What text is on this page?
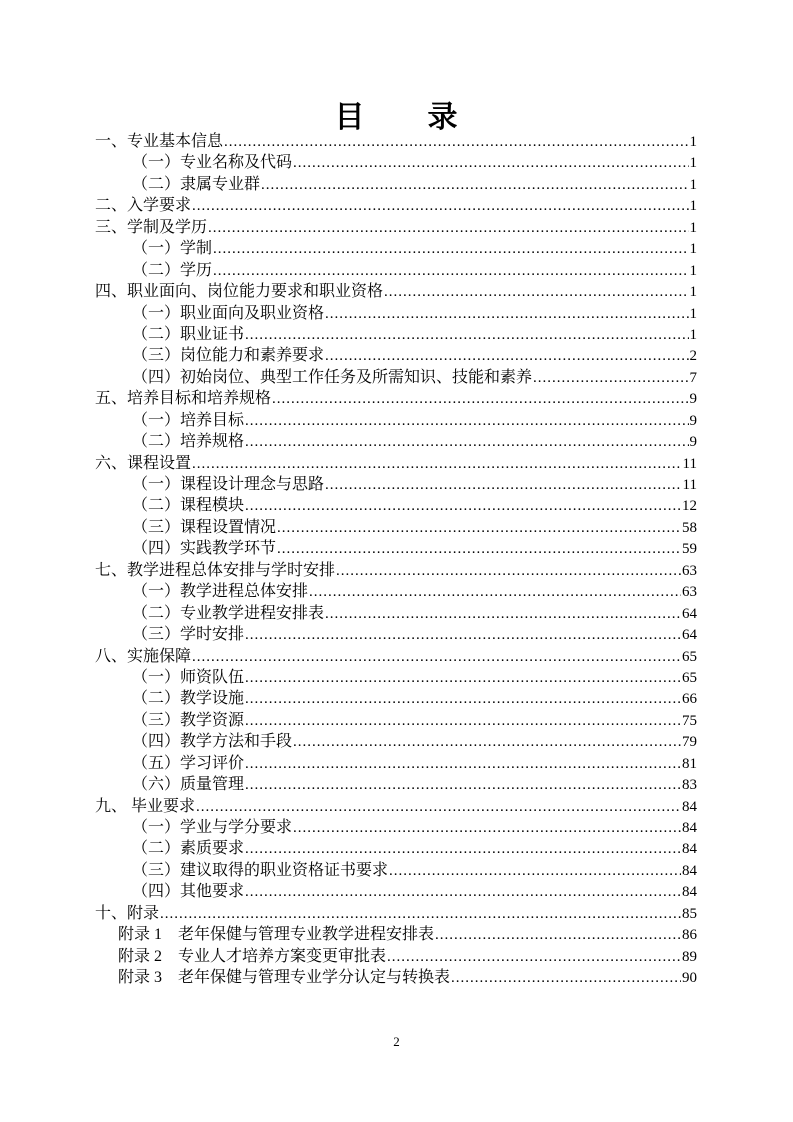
目　　录
一、专业基本信息 .....	1
（一）专业名称及代码 .....	1
（二）隶属专业群 .....	1
二、入学要求 .....	1
三、学制及学历 .....	1
（一）学制 .....	1
（二）学历 .....	1
四、职业面向、岗位能力要求和职业资格 .....	1
（一）职业面向及职业资格 .....	1
（二）职业证书 .....	1
（三）岗位能力和素养要求 .....	2
（四）初始岗位、典型工作任务及所需知识、技能和素养 .....	7
五、培养目标和培养规格 .....	9
（一）培养目标 .....	9
（二）培养规格 .....	9
六、课程设置 .....	11
（一）课程设计理念与思路 .....	11
（二）课程模块 .....	12
（三）课程设置情况 .....	58
（四）实践教学环节 .....	59
七、教学进程总体安排与学时安排 .....	63
（一）教学进程总体安排 .....	63
（二）专业教学进程安排表 .....	64
（三）学时安排 .....	64
八、实施保障 .....	65
（一）师资队伍 .....	65
（二）教学设施 .....	66
（三）教学资源 .....	75
（四）教学方法和手段 .....	79
（五）学习评价 .....	81
（六）质量管理 .....	83
九、 毕业要求 .....	84
（一）学业与学分要求 .....	84
（二）素质要求 .....	84
（三）建议取得的职业资格证书要求 .....	84
（四）其他要求 .....	84
十、附录 .....	85
附录 1　老年保健与管理专业教学进程安排表 .....	86
附录 2　专业人才培养方案变更审批表 .....	89
附录 3　老年保健与管理专业学分认定与转换表 .....	90
2
